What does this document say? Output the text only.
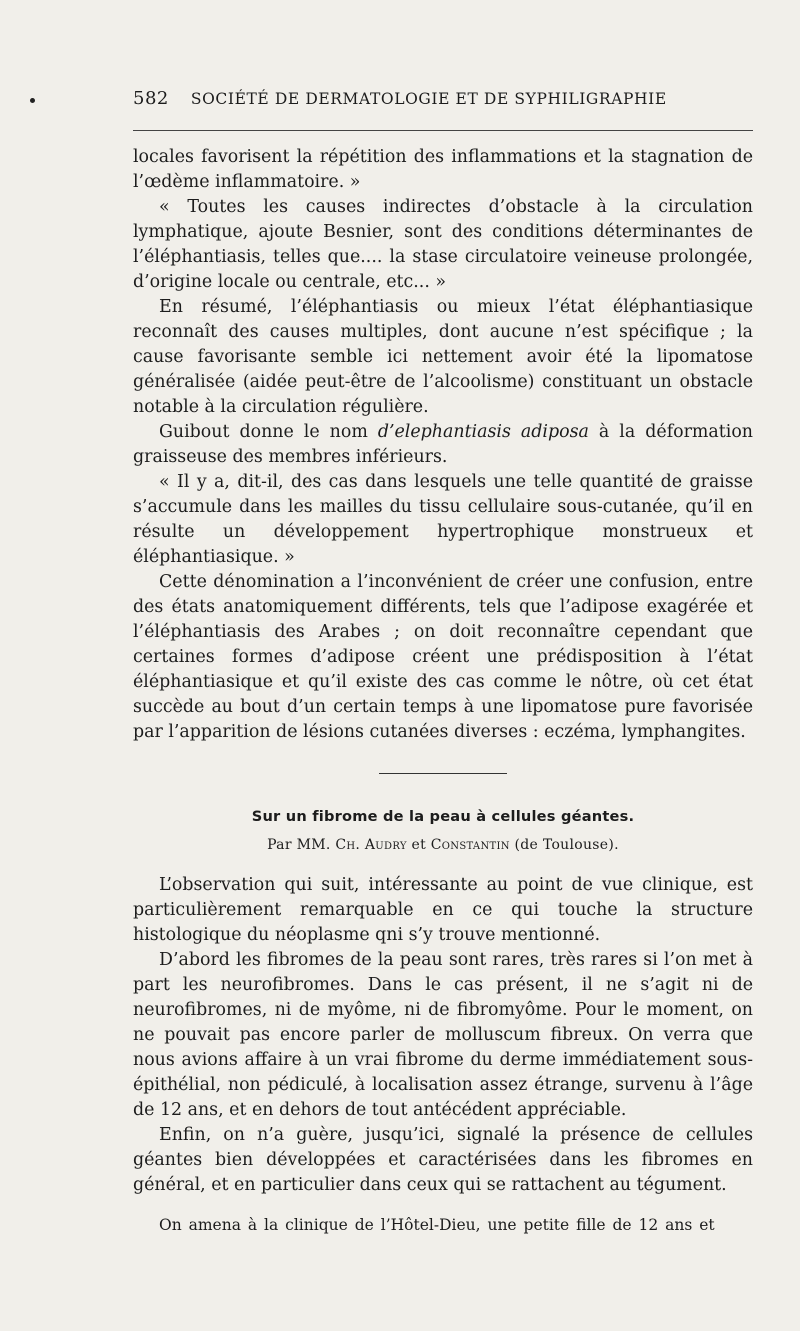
582 SOCIÉTÉ DE DERMATOLOGIE ET DE SYPHILIGRAPHIE

locales favorisent la répétition des inflammations et la stagnation de l’œdème inflammatoire. »

« Toutes les causes indirectes d’obstacle à la circulation lymphatique, ajoute Besnier, sont des conditions déterminantes de l’éléphantiasis, telles que.... la stase circulatoire veineuse prolongée, d’origine locale ou centrale, etc... »

En résumé, l’éléphantiasis ou mieux l’état éléphantiasique reconnaît des causes multiples, dont aucune n’est spécifique ; la cause favorisante semble ici nettement avoir été la lipomatose généralisée (aidée peut-être de l’alcoolisme) constituant un obstacle notable à la circulation régulière.

Guibout donne le nom d’elephantiasis adiposa à la déformation graisseuse des membres inférieurs.

« Il y a, dit-il, des cas dans lesquels une telle quantité de graisse s’accumule dans les mailles du tissu cellulaire sous-cutanée, qu’il en résulte un développement hypertrophique monstrueux et éléphantiasique. »

Cette dénomination a l’inconvénient de créer une confusion, entre des états anatomiquement différents, tels que l’adipose exagérée et l’éléphantiasis des Arabes ; on doit reconnaître cependant que certaines formes d’adipose créent une prédisposition à l’état éléphantiasique et qu’il existe des cas comme le nôtre, où cet état succède au bout d’un certain temps à une lipomatose pure favorisée par l’apparition de lésions cutanées diverses : eczéma, lymphangites.

Sur un fibrome de la peau à cellules géantes.
Par MM. Ch. Audry et Constantin (de Toulouse).

L’observation qui suit, intéressante au point de vue clinique, est particulièrement remarquable en ce qui touche la structure histologique du néoplasme qni s’y trouve mentionné.

D’abord les fibromes de la peau sont rares, très rares si l’on met à part les neurofibromes. Dans le cas présent, il ne s’agit ni de neurofibromes, ni de myôme, ni de fibromyôme. Pour le moment, on ne pouvait pas encore parler de molluscum fibreux. On verra que nous avions affaire à un vrai fibrome du derme immédiatement sous-épithélial, non pédiculé, à localisation assez étrange, survenu à l’âge de 12 ans, et en dehors de tout antécédent appréciable.

Enfin, on n’a guère, jusqu’ici, signalé la présence de cellules géantes bien développées et caractérisées dans les fibromes en général, et en particulier dans ceux qui se rattachent au tégument.

On amena à la clinique de l’Hôtel-Dieu, une petite fille de 12 ans et
